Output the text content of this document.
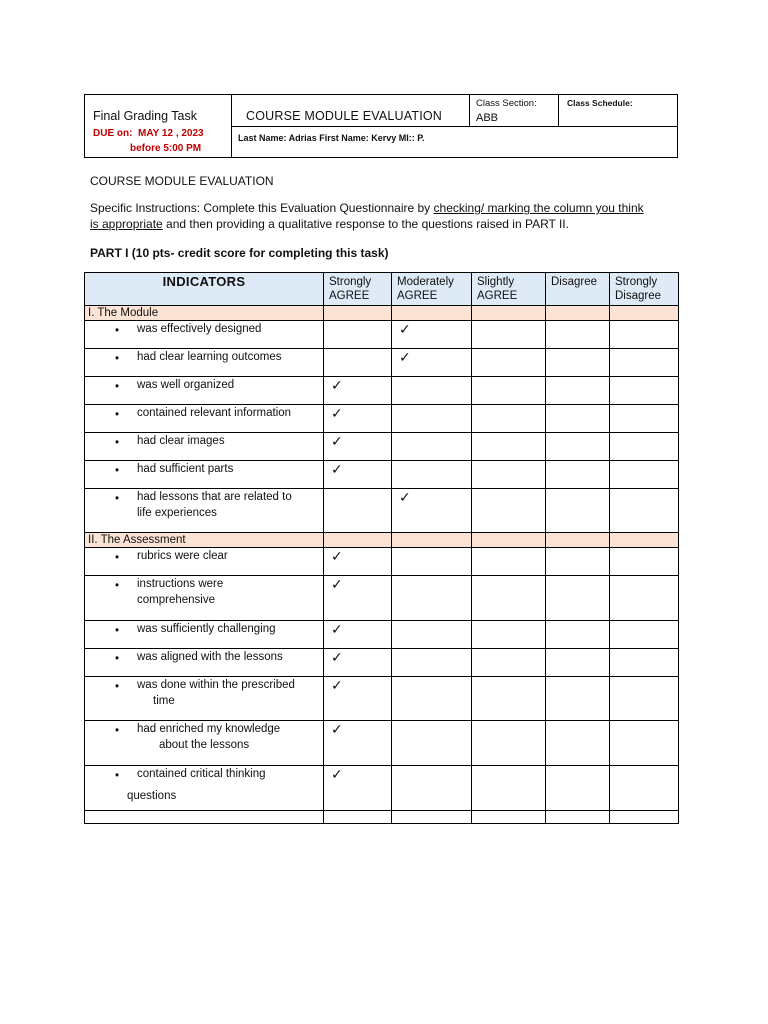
Final Grading Task
DUE on: MAY 12 , 2023
before 5:00 PM

COURSE MODULE EVALUATION

Class Section:
ABB

Class Schedule:

Last Name: Adrias First Name: Kervy MI:: P.
COURSE MODULE EVALUATION
Specific Instructions: Complete this Evaluation Questionnaire by checking/ marking the column you think
is appropriate and then providing a qualitative response to the questions raised in PART II.
PART I (10 pts- credit score for completing this task)
INDICATORS	Strongly AGREE	Moderately AGREE	Slightly AGREE	Disagree	Strongly Disagree
I. The Module					

• was effectively designed		✓			

• had clear learning outcomes		✓			

• was well organized	✓				

• contained relevant information	✓				

• had clear images	✓				

• had sufficient parts	✓				

• had lessons that are related to
life experiences		✓			

II. The Assessment					

• rubrics were clear	✓				

• instructions were
comprehensive	✓				

• was sufficiently challenging	✓				

• was aligned with the lessons	✓				

• was done within the prescribed
time	✓				

• had enriched my knowledge
about the lessons	✓				

• contained critical thinking
questions	✓				
